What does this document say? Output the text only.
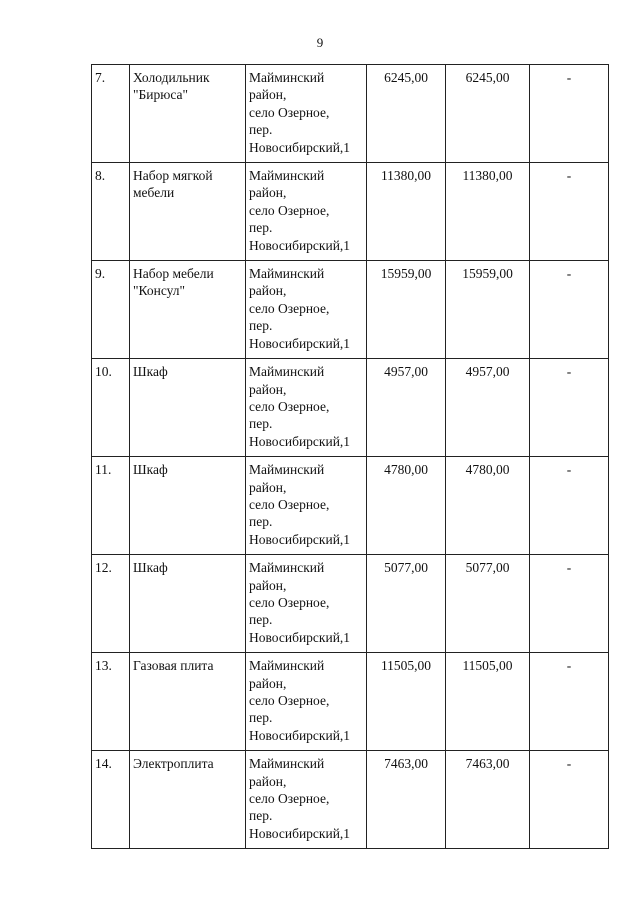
9
7.	Холодильник "Бирюса"	Майминский
район,
село Озерное,
пер.
Новосибирский,1	6245,00	6245,00	-
8.	Набор мягкой мебели	Майминский
район,
село Озерное,
пер.
Новосибирский,1	11380,00	11380,00	-
9.	Набор мебели "Консул"	Майминский
район,
село Озерное,
пер.
Новосибирский,1	15959,00	15959,00	-
10.	Шкаф	Майминский
район,
село Озерное,
пер.
Новосибирский,1	4957,00	4957,00	-
11.	Шкаф	Майминский
район,
село Озерное,
пер.
Новосибирский,1	4780,00	4780,00	-
12.	Шкаф	Майминский
район,
село Озерное,
пер.
Новосибирский,1	5077,00	5077,00	-
13.	Газовая плита	Майминский
район,
село Озерное,
пер.
Новосибирский,1	11505,00	11505,00	-
14.	Электроплита	Майминский
район,
село Озерное,
пер.
Новосибирский,1	7463,00	7463,00	-
